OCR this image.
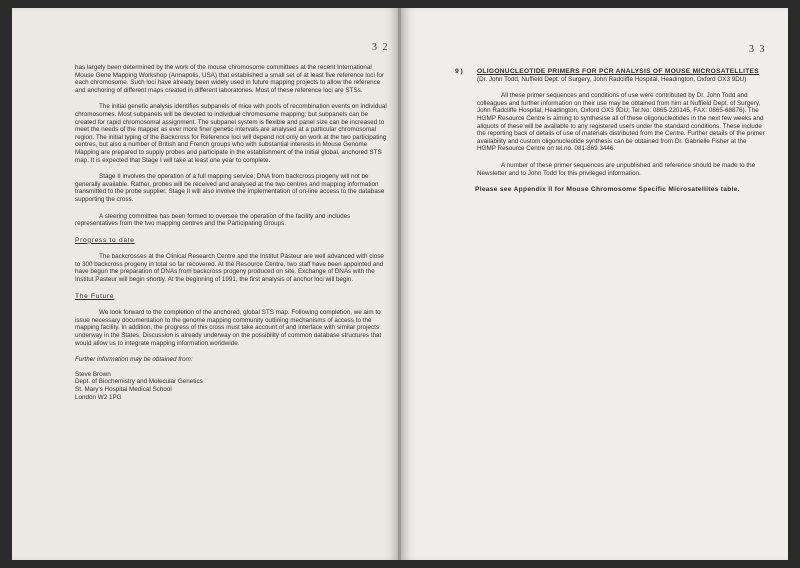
3 2

has largely been determined by the work of the mouse chromosome committees at the recent International Mouse Gene Mapping Workshop (Annapolis, USA) that established a small set of at least five reference loci for each chromosome. Such loci have already been widely used in future mapping projects to allow the reference and anchoring of different maps created in different laboratories. Most of these reference loci are STSs.

The initial genetic analysis identifies subpanels of mice with pools of recombination events on individual chromosomes. Most subpanels will be devoted to individual chromosome mapping; but subpanels can be created for rapid chromosomal assignment. The subpanel system is flexible and panel size can be increased to meet the needs of the mapper as ever more finer genetic intervals are analysed at a particular chromosomal region. The initial typing of the Backcross for Reference loci will depend not only on work at the two participating centres, but also a number of British and French groups who with substantial interests in Mouse Genome Mapping are prepared to supply probes and participate in the establishment of the initial global, anchored STS map. It is expected that Stage I will take at least one year to complete.

Stage II involves the operation of a full mapping service; DNA from backcross progeny will not be generally available. Rather, probes will be received and analysed at the two centres and mapping information transmitted to the probe supplier. Stage II will also involve the implementation of on-line access to the database supporting the cross.

A steering committee has been formed to oversee the operation of the facility and includes representatives from the two mapping centres and the Participating Groups.

Progress to date

The backcrosses at the Clinical Research Centre and the Institut Pasteur are well advanced with close to 300 backcross progeny in total so far recovered. At the Resource Centre, two staff have been appointed and have begun the preparation of DNAs from backcross progeny produced on site. Exchange of DNAs with the Institut Pasteur will begin shortly. At the beginning of 1991, the first analysis of anchor loci will begin.

The Future

We look forward to the completion of the anchored, global STS map. Following completion, we aim to issue necessary documentation to the genome mapping community outlining mechanisms of access to the mapping facility. In addition, the progress of this cross must take account of and interface with similar projects underway in the States. Discussion is already underway on the possibility of common database structures that would allow us to integrate mapping information worldwide.

Further information may be obtained from:

Steve Brown

Dept. of Biochemistry and Molecular Genetics

St. Mary's Hospital Medical School

London W2 1PG

3 3
9 )	OLIGONUCLEOTIDE PRIMERS FOR PCR ANALYSIS OF MOUSE MICROSATELLITES (Dr. John Todd, Nuffield Dept. of Surgery, John Radcliffe Hospital, Headington, Oxford OX3 9DU)

All these primer sequences and conditions of use were contributed by Dr. John Todd and colleagues and further information on their use may be obtained from him at Nuffield Dept. of Surgery, John Radcliffe Hospital, Headington, Oxford OX3 9DU; Tel.No: 0865-220145, FAX: 0865-68876). The HGMP Resource Centre is aiming to synthesise all of these oligonucleotides in the next few weeks and aliquots of these will be available to any registered users under the standard conditions. These include the reporting back of details of use of materials distributed from the Centre. Further details of the primer availability and custom oligonucleotide synthesis can be obtained from Dr. Gabrielle Fisher at the HGMP Resource Centre on tel.no. 081-869 3446.

A number of these primer sequences are unpublished and reference should be made to the Newsletter and to John Todd for this privileged information.

Please see Appendix II for Mouse Chromosome Specific Microsatellites table.
